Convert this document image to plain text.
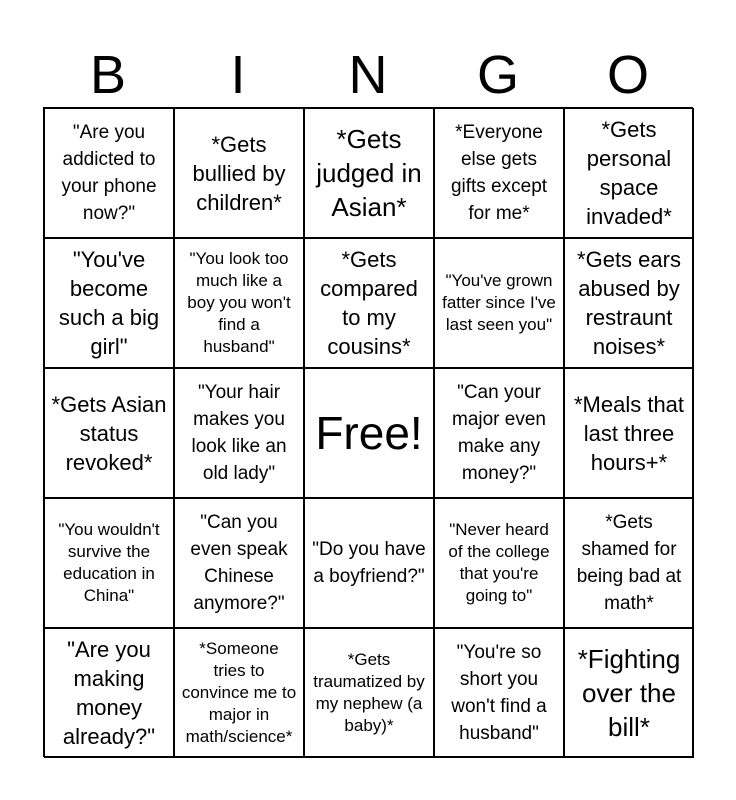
B	I	N	G	O
"Are you addicted to your phone now?"
*Gets bullied by children*
*Gets judged in Asian*
*Everyone else gets gifts except for me*
*Gets personal space invaded*
"You've become such a big girl"
"You look too much like a boy you won't find a husband"
*Gets compared to my cousins*
"You've grown fatter since I've last seen you"
*Gets ears abused by restraunt noises*
*Gets Asian status revoked*
"Your hair makes you look like an old lady"
Free!
"Can your major even make any money?"
*Meals that last three hours+*
"You wouldn't survive the education in China"
"Can you even speak Chinese anymore?"
"Do you have a boyfriend?"
"Never heard of the college that you're going to"
*Gets shamed for being bad at math*
"Are you making money already?"
*Someone tries to convince me to major in math/science*
*Gets traumatized by my nephew (a baby)*
"You're so short you won't find a husband"
*Fighting over the bill*
